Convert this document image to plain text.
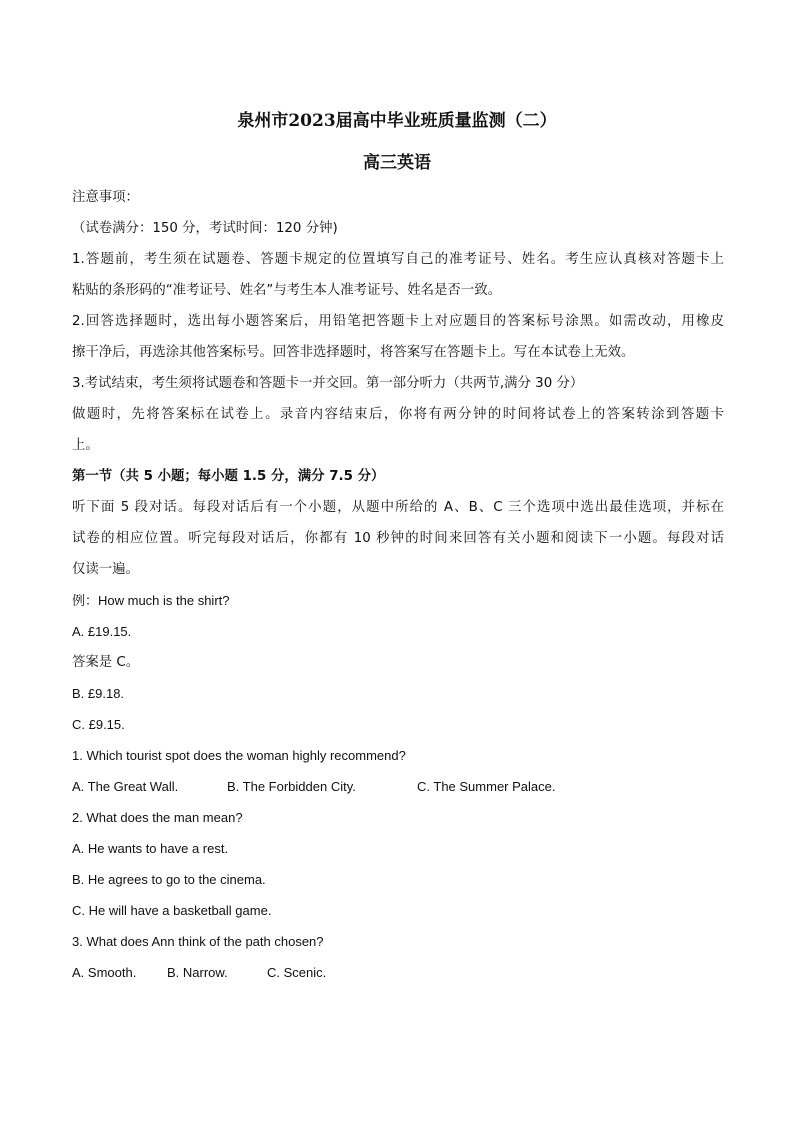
泉州市2023届高中毕业班质量监测（二）
高三英语
注意事项：
（试卷满分：150 分，考试时间：120 分钟)
1.答题前，考生须在试题卷、答题卡规定的位置填写自己的准考证号、姓名。考生应认真核对答题卡上
粘贴的条形码的“准考证号、姓名”与考生本人准考证号、姓名是否一致。
2.回答选择题时，选出每小题答案后，用铅笔把答题卡上对应题目的答案标号涂黑。如需改动，用橡皮
擦干净后，再选涂其他答案标号。回答非选择题时，将答案写在答题卡上。写在本试卷上无效。
3.考试结束，考生须将试题卷和答题卡一并交回。第一部分听力（共两节,满分 30 分）
做题时，先将答案标在试卷上。录音内容结束后，你将有两分钟的时间将试卷上的答案转涂到答题卡
上。
第一节（共 5 小题；每小题 1.5 分，满分 7.5 分）
听下面 5 段对话。每段对话后有一个小题，从题中所给的 A、B、C 三个选项中选出最佳选项，并标在
试卷的相应位置。听完每段对话后，你都有 10 秒钟的时间来回答有关小题和阅读下一小题。每段对话
仅读一遍。
例：How much is the shirt?
A. £19.15.
答案是 C。
B. £9.18.
C. £9.15.
1. Which tourist spot does the woman highly recommend?
A. The Great Wall.	B. The Forbidden City.	C. The Summer Palace.
2. What does the man mean?
A. He wants to have a rest.
B. He agrees to go to the cinema.
C. He will have a basketball game.
3. What does Ann think of the path chosen?
A. Smooth. B. Narrow.	C. Scenic.
